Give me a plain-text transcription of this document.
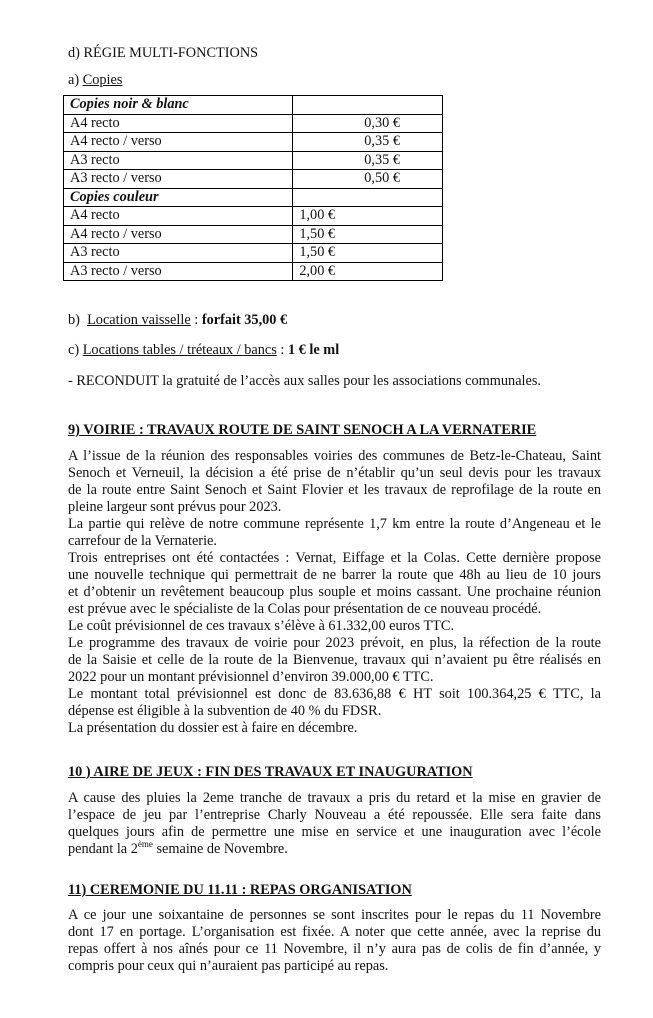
d) RÉGIE MULTI-FONCTIONS
a) Copies
Copies noir & blanc	
A4 recto	0,30 €
A4 recto / verso	0,35 €
A3 recto	0,35 €
A3 recto / verso	0,50 €
Copies couleur	
A4 recto	1,00 €
A4 recto / verso	1,50 €
A3 recto	1,50 €
A3 recto / verso	2,00 €
b)  Location vaisselle : forfait 35,00 €
c) Locations tables / tréteaux / bancs : 1 € le ml
- RECONDUIT la gratuité de l’accès aux salles pour les associations communales.
9) VOIRIE : TRAVAUX ROUTE DE SAINT SENOCH A LA VERNATERIE
A l’issue de la réunion des responsables voiries des communes de Betz-le-Chateau, Saint
Senoch et Verneuil, la décision a été prise de n’établir qu’un seul devis pour les travaux
de la route entre Saint Senoch et Saint Flovier et les travaux de reprofilage de la route en
pleine largeur sont prévus pour 2023.
La partie qui relève de notre commune représente 1,7 km entre la route d’Angeneau et le
carrefour de la Vernaterie.
Trois entreprises ont été contactées : Vernat, Eiffage et la Colas. Cette dernière propose
une nouvelle technique qui permettrait de ne barrer la route que 48h au lieu de 10 jours
et d’obtenir un revêtement beaucoup plus souple et moins cassant. Une prochaine réunion
est prévue avec le spécialiste de la Colas pour présentation de ce nouveau procédé.
Le coût prévisionnel de ces travaux s’élève à 61.332,00 euros TTC.
Le programme des travaux de voirie pour 2023 prévoit, en plus, la réfection de la route
de la Saisie et celle de la route de la Bienvenue, travaux qui n’avaient pu être réalisés en
2022 pour un montant prévisionnel d’environ 39.000,00 € TTC.
Le montant total prévisionnel est donc de 83.636,88 € HT soit 100.364,25 € TTC, la
dépense est éligible à la subvention de 40 % du FDSR.
La présentation du dossier est à faire en décembre.
10 ) AIRE DE JEUX : FIN DES TRAVAUX ET INAUGURATION
A cause des pluies la 2eme tranche de travaux a pris du retard et la mise en gravier de
l’espace de jeu par l’entreprise Charly Nouveau a été repoussée. Elle sera faite dans
quelques jours afin de permettre une mise en service et une inauguration avec l’école
pendant la 2ème semaine de Novembre.
11) CEREMONIE DU 11.11 : REPAS ORGANISATION
A ce jour une soixantaine de personnes se sont inscrites pour le repas du 11 Novembre
dont 17 en portage. L’organisation est fixée. A noter que cette année, avec la reprise du
repas offert à nos aînés pour ce 11 Novembre, il n’y aura pas de colis de fin d’année, y
compris pour ceux qui n’auraient pas participé au repas.
